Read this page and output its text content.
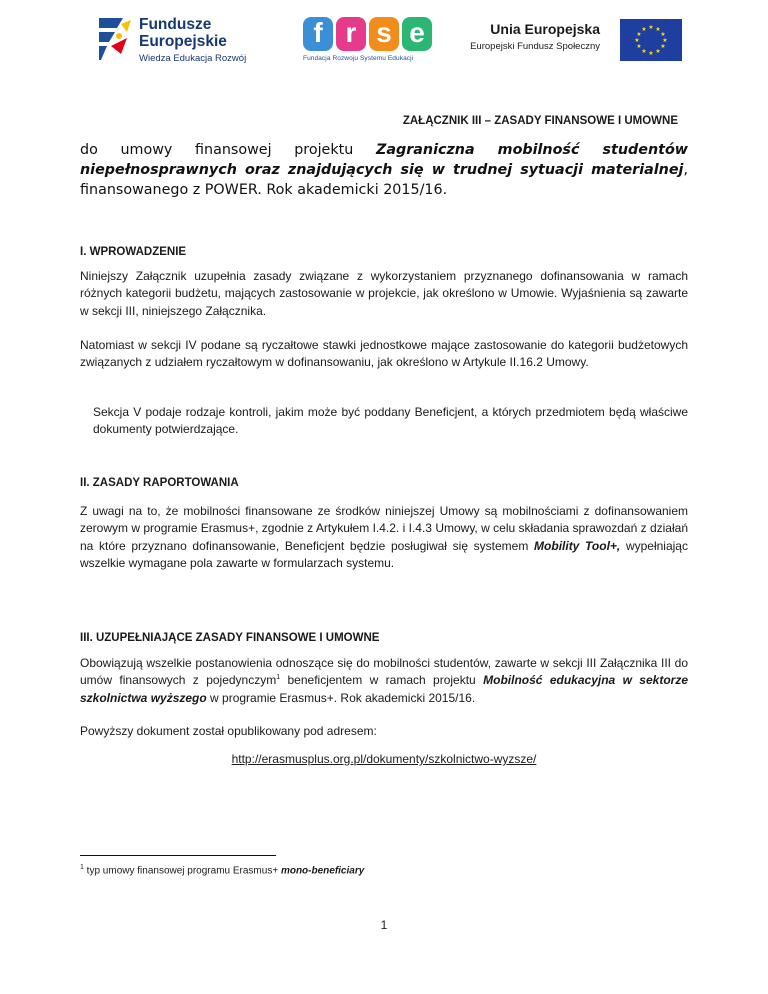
Fundusze
Europejskie
Wiedza Edukacja Rozwój
f r s e
Fundacja Rozwoju Systemu Edukacji
Unia Europejska
Europejski Fundusz Społeczny
★ ★
★
★
★
★
★
★
★
★
★
★
ZAŁĄCZNIK III – ZASADY FINANSOWE I UMOWNE
do umowy finansowej projektu Zagraniczna mobilność studentów niepełnosprawnych oraz znajdujących się w trudnej sytuacji materialnej, finansowanego z POWER. Rok akademicki 2015/16.
I. WPROWADZENIE
Niniejszy Załącznik uzupełnia zasady związane z wykorzystaniem przyznanego dofinansowania w ramach różnych kategorii budżetu, mających zastosowanie w projekcie, jak określono w Umowie. Wyjaśnienia są zawarte w sekcji III, niniejszego Załącznika.
Natomiast w sekcji IV podane są ryczałtowe stawki jednostkowe mające zastosowanie do kategorii budżetowych związanych z udziałem ryczałtowym w dofinansowaniu, jak określono w Artykule II.16.2 Umowy.
Sekcja V podaje rodzaje kontroli, jakim może być poddany Beneficjent, a których przedmiotem będą właściwe dokumenty potwierdzające.
II. ZASADY RAPORTOWANIA
Z uwagi na to, że mobilności finansowane ze środków niniejszej Umowy są mobilnościami z dofinansowaniem zerowym w programie Erasmus+, zgodnie z Artykułem I.4.2. i I.4.3 Umowy, w celu składania sprawozdań z działań na które przyznano dofinansowanie, Beneficjent będzie posługiwał się systemem Mobility Tool+, wypełniając wszelkie wymagane pola zawarte w formularzach systemu.
III. UZUPEŁNIAJĄCE ZASADY FINANSOWE I UMOWNE
Obowiązują wszelkie postanowienia odnoszące się do mobilności studentów, zawarte w sekcji III Załącznika III do umów finansowych z pojedynczym$^1$ beneficjentem w ramach projektu Mobilność edukacyjna w sektorze szkolnictwa wyższego w programie Erasmus+. Rok akademicki 2015/16.
Powyższy dokument został opublikowany pod adresem:
http://erasmusplus.org.pl/dokumenty/szkolnictwo-wyzsze/
$^1$ typ umowy finansowej programu Erasmus+ mono-beneficiary
1
